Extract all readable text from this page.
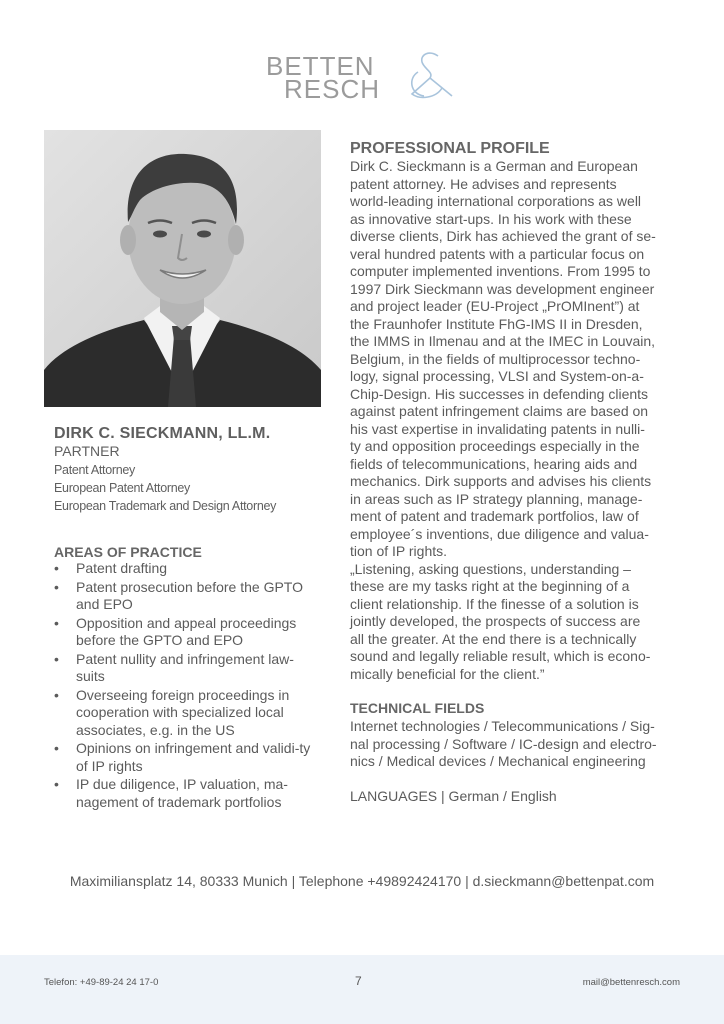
BETTEN
RESCH
DIRK C. SIECKMANN, LL.M.
PARTNER
Patent Attorney
European Patent Attorney
European Trademark and Design Attorney
AREAS OF PRACTICE
• Patent drafting
• Patent prosecution before the GPTO and EPO
• Opposition and appeal proceedings before the GPTO and EPO
• Patent nullity and infringement law-suits
• Overseeing foreign proceedings in cooperation with specialized local associates, e.g. in the US
• Opinions on infringement and validi-ty of IP rights
• IP due diligence, IP valuation, ma-nagement of trademark portfolios
PROFESSIONAL PROFILE
Dirk C. Sieckmann is a German and European
patent attorney. He advises and represents
world-leading international corporations as well
as innovative start-ups. In his work with these
diverse clients, Dirk has achieved the grant of se-
veral hundred patents with a particular focus on
computer implemented inventions. From 1995 to
1997 Dirk Sieckmann was development engineer
and project leader (EU-Project „PrOMInent”) at
the Fraunhofer Institute FhG-IMS II in Dresden,
the IMMS in Ilmenau and at the IMEC in Louvain,
Belgium, in the fields of multiprocessor techno-
logy, signal processing, VLSI and System-on-a-
Chip-Design. His successes in defending clients
against patent infringement claims are based on
his vast expertise in invalidating patents in nulli-
ty and opposition proceedings especially in the
fields of telecommunications, hearing aids and
mechanics. Dirk supports and advises his clients
in areas such as IP strategy planning, manage-
ment of patent and trademark portfolios, law of
employee´s inventions, due diligence and valua-
tion of IP rights.
„Listening, asking questions, understanding –
these are my tasks right at the beginning of a
client relationship. If the finesse of a solution is
jointly developed, the prospects of success are
all the greater. At the end there is a technically
sound and legally reliable result, which is econo-
mically beneficial for the client.”
TECHNICAL FIELDS
Internet technologies / Telecommunications / Sig-
nal processing / Software / IC-design and electro-
nics / Medical devices / Mechanical engineering
LANGUAGES | German / English
Maximiliansplatz 14, 80333 Munich | Telephone +49892424170 | d.sieckmann@bettenpat.com
Telefon: +49-89-24 24 17-0	7	mail@bettenresch.com
